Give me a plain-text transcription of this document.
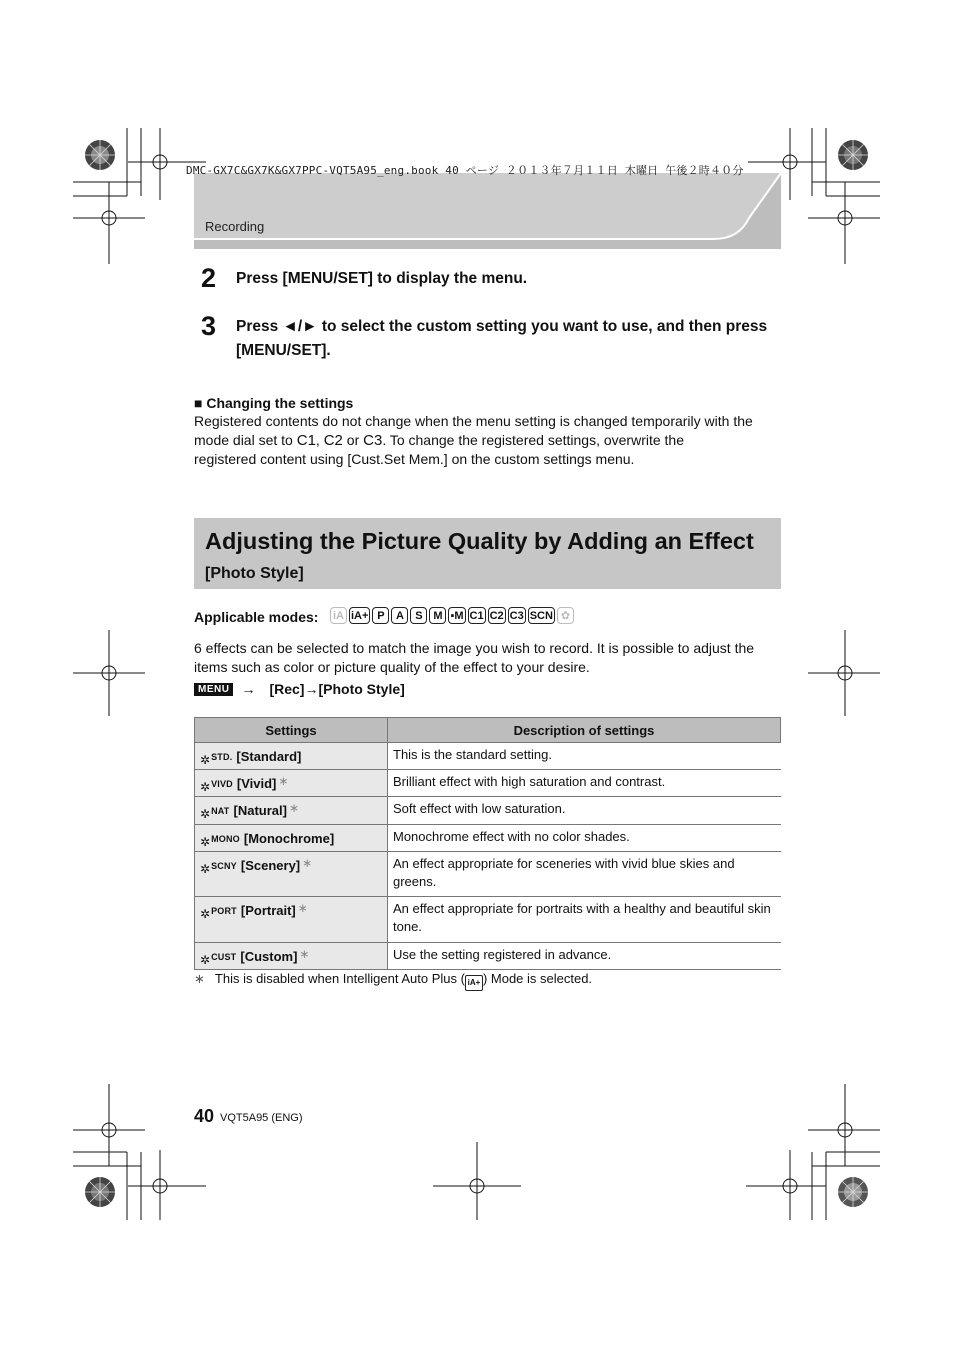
DMC-GX7C&GX7K&GX7PPC-VQT5A95_eng.book 40 ページ ２０１３年７月１１日 木曜日 午後２時４０分
Recording
2 Press [MENU/SET] to display the menu.
3 Press ◄/► to select the custom setting you want to use, and then press [MENU/SET].
■ Changing the settings
Registered contents do not change when the menu setting is changed temporarily with the
mode dial set to C1, C2 or C3. To change the registered settings, overwrite the
registered content using [Cust.Set Mem.] on the custom settings menu.
Adjusting the Picture Quality by Adding an Effect
[Photo Style]
Applicable modes: iA iA+ P	A	S M ▪M C1 C2 C3 SCN ✿
6 effects can be selected to match the image you wish to record. It is possible to adjust the
items such as color or picture quality of the effect to your desire.
MENU → [Rec]→[Photo Style]
Settings	Description of settings

✲ STD. [Standard]	This is the standard setting.

✲ VIVD [Vivid] ∗	Brilliant effect with high saturation and contrast.

✲ NAT [Natural] ∗	Soft effect with low saturation.

✲ MONO [Monochrome]	Monochrome effect with no color shades.

✲ SCNY [Scenery] ∗	An effect appropriate for sceneries with vivid blue skies and greens.

✲ PORT [Portrait] ∗	An effect appropriate for portraits with a healthy and beautiful skin tone.

✲ CUST [Custom] ∗	Use the setting registered in advance.
∗ This is disabled when Intelligent Auto Plus ( iA+ ) Mode is selected.
40 VQT5A95 (ENG)
